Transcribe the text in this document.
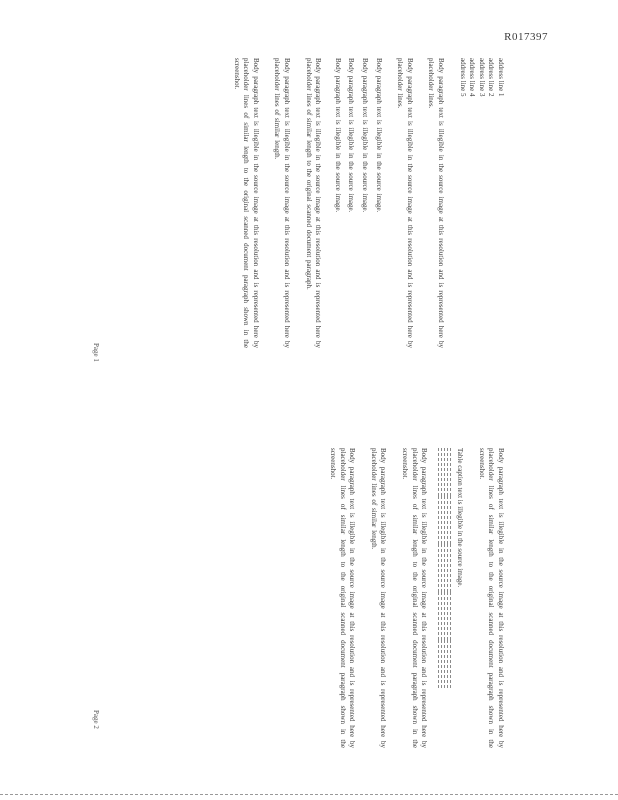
R017397
Page 1
Page 2
address line 1
address line 2
address line 3
address line 4
address line 5

Body paragraph text is illegible in the source image at this resolution and is represented here by placeholder lines.

Body paragraph text is illegible in the source image at this resolution and is represented here by placeholder lines.

Body paragraph text is illegible in the source image.

Body paragraph text is illegible in the source image.

Body paragraph text is illegible in the source image.

Body paragraph text is illegible in the source image.

Body paragraph text is illegible in the source image at this resolution and is represented here by placeholder lines of similar length to the original scanned document paragraph.

Body paragraph text is illegible in the source image at this resolution and is represented here by placeholder lines of similar length.

Body paragraph text is illegible in the source image at this resolution and is represented here by placeholder lines of similar length to the original scanned document paragraph shown in the screenshot.

Body paragraph text is illegible in the source image at this resolution and is represented here by placeholder lines of similar length to the original scanned document paragraph shown in the screenshot.

Table caption text is illegible in the source image.

Body paragraph text is illegible in the source image at this resolution and is represented here by placeholder lines of similar length to the original scanned document paragraph shown in the screenshot.

Body paragraph text is illegible in the source image at this resolution and is represented here by placeholder lines of similar length.

Body paragraph text is illegible in the source image at this resolution and is represented here by placeholder lines of similar length to the original scanned document paragraph shown in the screenshot.
